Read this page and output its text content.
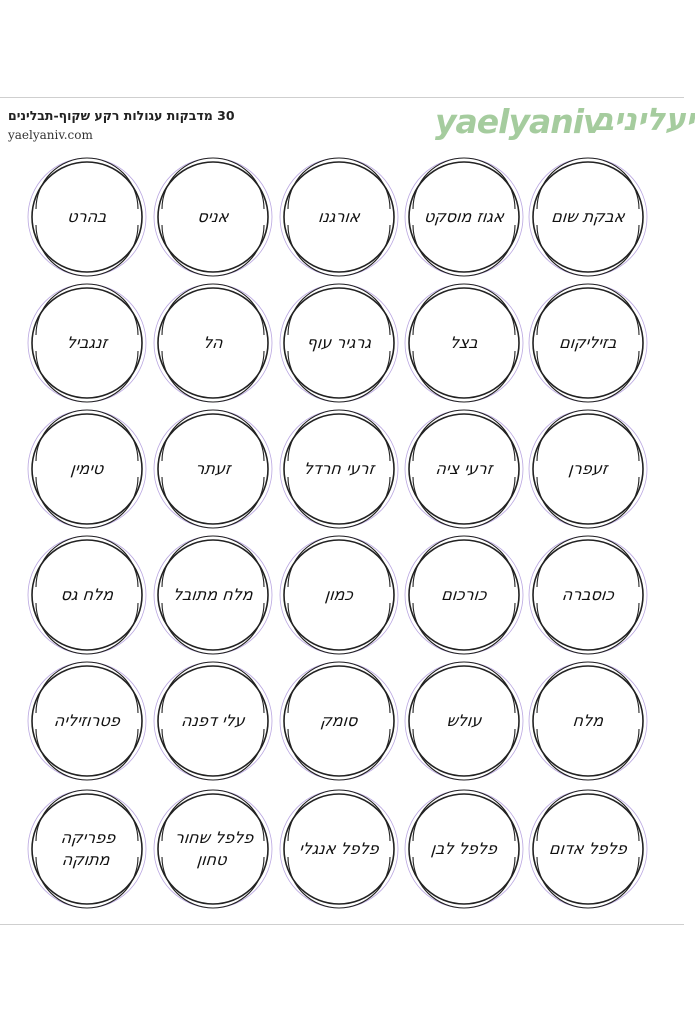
30 מדבקות עגולות רקע שקוף-תבלינים
yaelyaniv.com	yaelyaniv
יעליניב
אבקת שום
אגוז מוסקט
אורגנו
אניס
בהרט
בזיליקום
בצל
גרגיר עוף
הל
זנגביל
זעפרן
זרעי ציה
זרעי חרדל
זעתר
טימין
כוסברה
כורכום
כמון
מלח מתובל
מלח גס
מלח
עולש
סומק
עלי דפנה
פטרוזיליה
פלפל אדום
פלפל לבן
פלפל אנגלי
פלפל שחור טחון
פפריקה מתוקה
